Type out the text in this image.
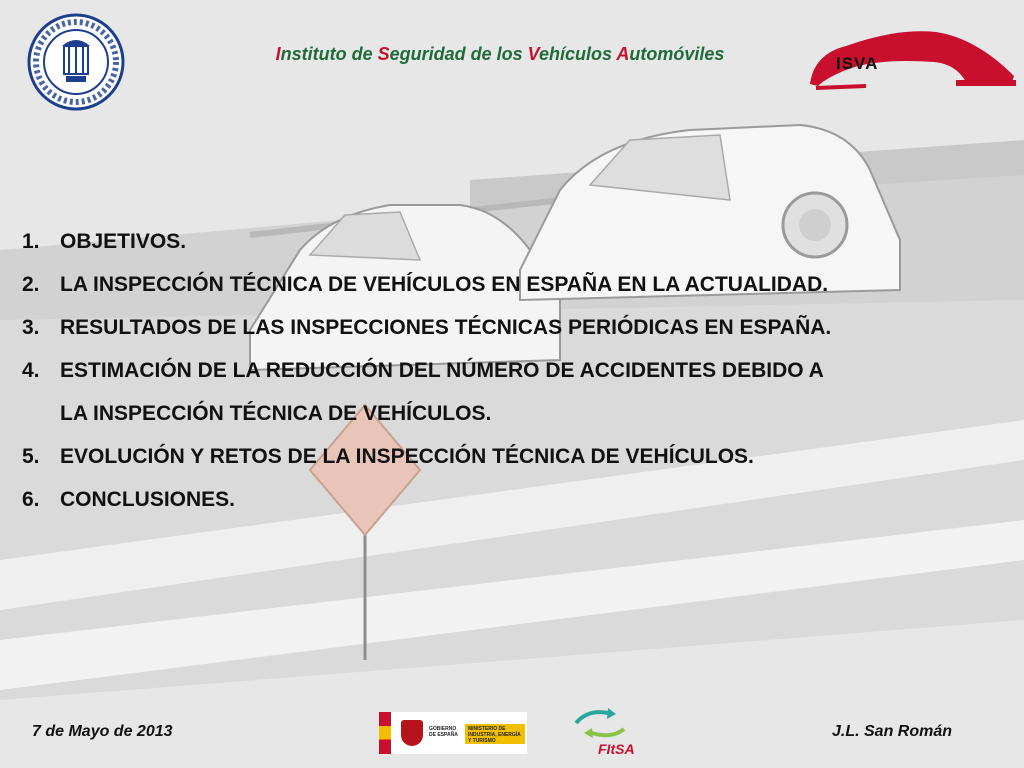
Instituto de Seguridad de los Vehículos Automóviles	ISVA
1. OBJETIVOS.
2. LA INSPECCIÓN TÉCNICA DE VEHÍCULOS EN ESPAÑA EN LA ACTUALIDAD.
3. RESULTADOS DE LAS INSPECCIONES TÉCNICAS PERIÓDICAS EN ESPAÑA.
4. ESTIMACIÓN DE LA REDUCCIÓN DEL NÚMERO DE ACCIDENTES DEBIDO A
LA INSPECCIÓN TÉCNICA DE VEHÍCULOS.
5. EVOLUCIÓN Y RETOS DE LA INSPECCIÓN TÉCNICA DE VEHÍCULOS.
6. CONCLUSIONES.
7 de Mayo de 2013	GOBIERNO DE ESPAÑA
MINISTERIO DE INDUSTRIA, ENERGÍA Y TURISMO	FItSA
J.L. San Román
